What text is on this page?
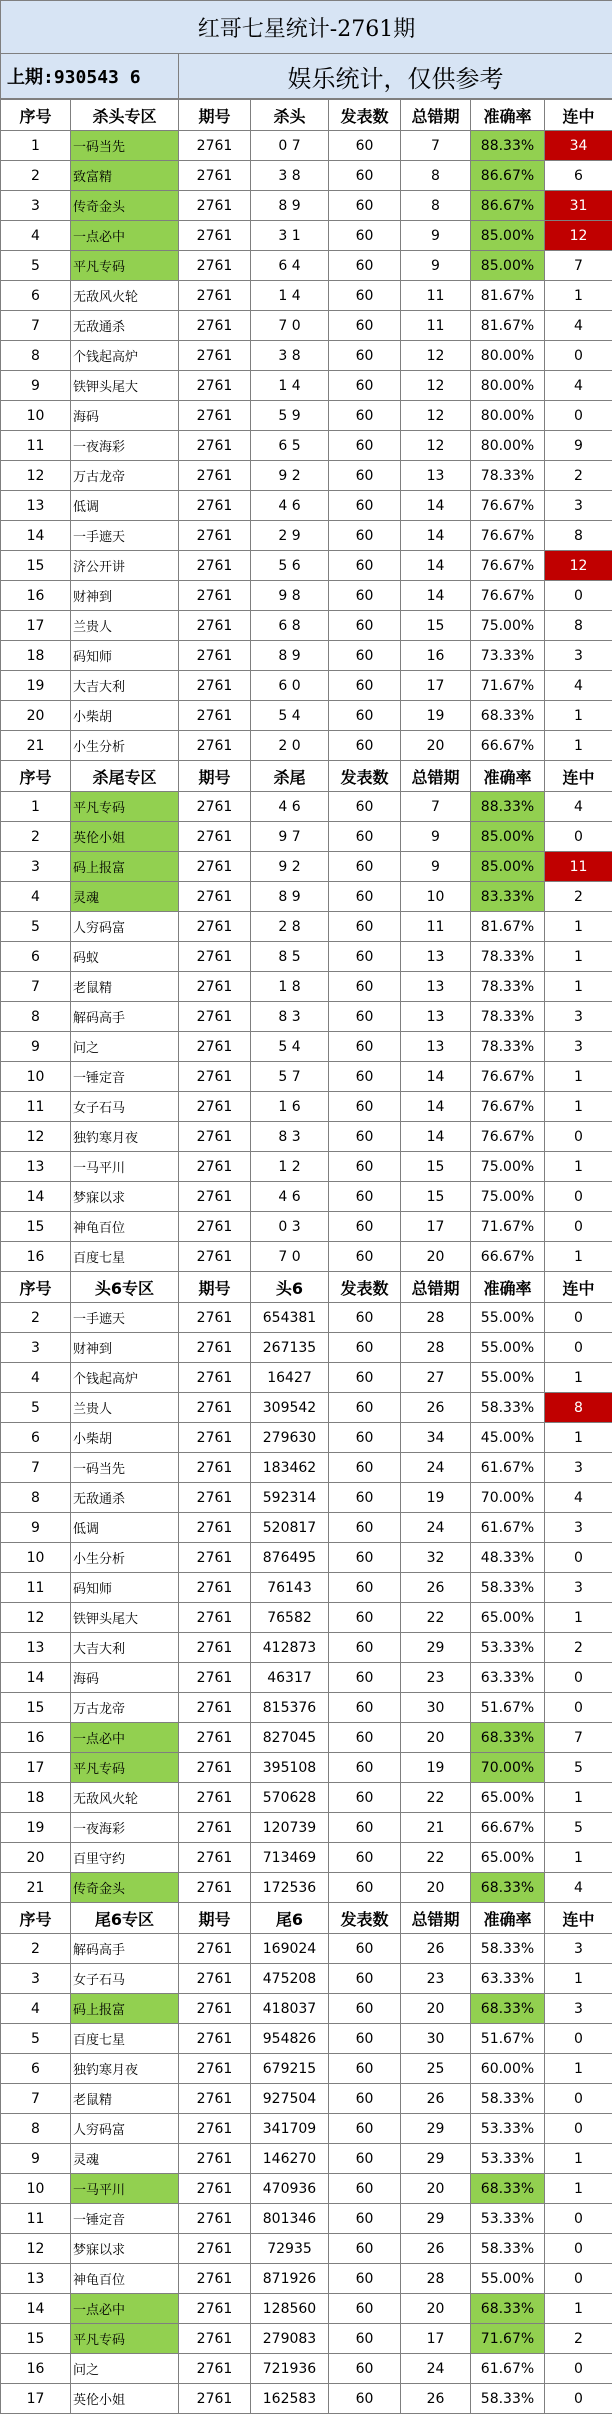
红哥七星统计-2761期
上期:930543 6	娱乐统计，仅供参考
序号	杀头专区	期号	杀头	发表数	总错期	准确率	连中
1	一码当先	2761	0 7	60	7	88.33%	34
2	致富精	2761	3 8	60	8	86.67%	6
3	传奇金头	2761	8 9	60	8	86.67%	31
4	一点必中	2761	3 1	60	9	85.00%	12
5	平凡专码	2761	6 4	60	9	85.00%	7
6	无敌风火轮	2761	1 4	60	11	81.67%	1
7	无敌通杀	2761	7 0	60	11	81.67%	4
8	个钱起高炉	2761	3 8	60	12	80.00%	0
9	铁钾头尾大	2761	1 4	60	12	80.00%	4
10	海码	2761	5 9	60	12	80.00%	0
11	一夜海彩	2761	6 5	60	12	80.00%	9
12	万古龙帝	2761	9 2	60	13	78.33%	2
13	低调	2761	4 6	60	14	76.67%	3
14	一手遮天	2761	2 9	60	14	76.67%	8
15	济公开讲	2761	5 6	60	14	76.67%	12
16	财神到	2761	9 8	60	14	76.67%	0
17	兰贵人	2761	6 8	60	15	75.00%	8
18	码知师	2761	8 9	60	16	73.33%	3
19	大吉大利	2761	6 0	60	17	71.67%	4
20	小柴胡	2761	5 4	60	19	68.33%	1
21	小生分析	2761	2 0	60	20	66.67%	1
序号	杀尾专区	期号	杀尾	发表数	总错期	准确率	连中
1	平凡专码	2761	4 6	60	7	88.33%	4
2	英伦小姐	2761	9 7	60	9	85.00%	0
3	码上报富	2761	9 2	60	9	85.00%	11
4	灵魂	2761	8 9	60	10	83.33%	2
5	人穷码富	2761	2 8	60	11	81.67%	1
6	码蚁	2761	8 5	60	13	78.33%	1
7	老鼠精	2761	1 8	60	13	78.33%	1
8	解码高手	2761	8 3	60	13	78.33%	3
9	问之	2761	5 4	60	13	78.33%	3
10	一锤定音	2761	5 7	60	14	76.67%	1
11	女子石马	2761	1 6	60	14	76.67%	1
12	独钓寒月夜	2761	8 3	60	14	76.67%	0
13	一马平川	2761	1 2	60	15	75.00%	1
14	梦寐以求	2761	4 6	60	15	75.00%	0
15	神龟百位	2761	0 3	60	17	71.67%	0
16	百度七星	2761	7 0	60	20	66.67%	1
序号	头6专区	期号	头6	发表数	总错期	准确率	连中
2	一手遮天	2761	654381	60	28	55.00%	0
3	财神到	2761	267135	60	28	55.00%	0
4	个钱起高炉	2761	16427	60	27	55.00%	1
5	兰贵人	2761	309542	60	26	58.33%	8
6	小柴胡	2761	279630	60	34	45.00%	1
7	一码当先	2761	183462	60	24	61.67%	3
8	无敌通杀	2761	592314	60	19	70.00%	4
9	低调	2761	520817	60	24	61.67%	3
10	小生分析	2761	876495	60	32	48.33%	0
11	码知师	2761	76143	60	26	58.33%	3
12	铁钾头尾大	2761	76582	60	22	65.00%	1
13	大吉大利	2761	412873	60	29	53.33%	2
14	海码	2761	46317	60	23	63.33%	0
15	万古龙帝	2761	815376	60	30	51.67%	0
16	一点必中	2761	827045	60	20	68.33%	7
17	平凡专码	2761	395108	60	19	70.00%	5
18	无敌风火轮	2761	570628	60	22	65.00%	1
19	一夜海彩	2761	120739	60	21	66.67%	5
20	百里守约	2761	713469	60	22	65.00%	1
21	传奇金头	2761	172536	60	20	68.33%	4
序号	尾6专区	期号	尾6	发表数	总错期	准确率	连中
2	解码高手	2761	169024	60	26	58.33%	3
3	女子石马	2761	475208	60	23	63.33%	1
4	码上报富	2761	418037	60	20	68.33%	3
5	百度七星	2761	954826	60	30	51.67%	0
6	独钓寒月夜	2761	679215	60	25	60.00%	1
7	老鼠精	2761	927504	60	26	58.33%	0
8	人穷码富	2761	341709	60	29	53.33%	0
9	灵魂	2761	146270	60	29	53.33%	1
10	一马平川	2761	470936	60	20	68.33%	1
11	一锤定音	2761	801346	60	29	53.33%	0
12	梦寐以求	2761	72935	60	26	58.33%	0
13	神龟百位	2761	871926	60	28	55.00%	0
14	一点必中	2761	128560	60	20	68.33%	1
15	平凡专码	2761	279083	60	17	71.67%	2
16	问之	2761	721936	60	24	61.67%	0
17	英伦小姐	2761	162583	60	26	58.33%	0
